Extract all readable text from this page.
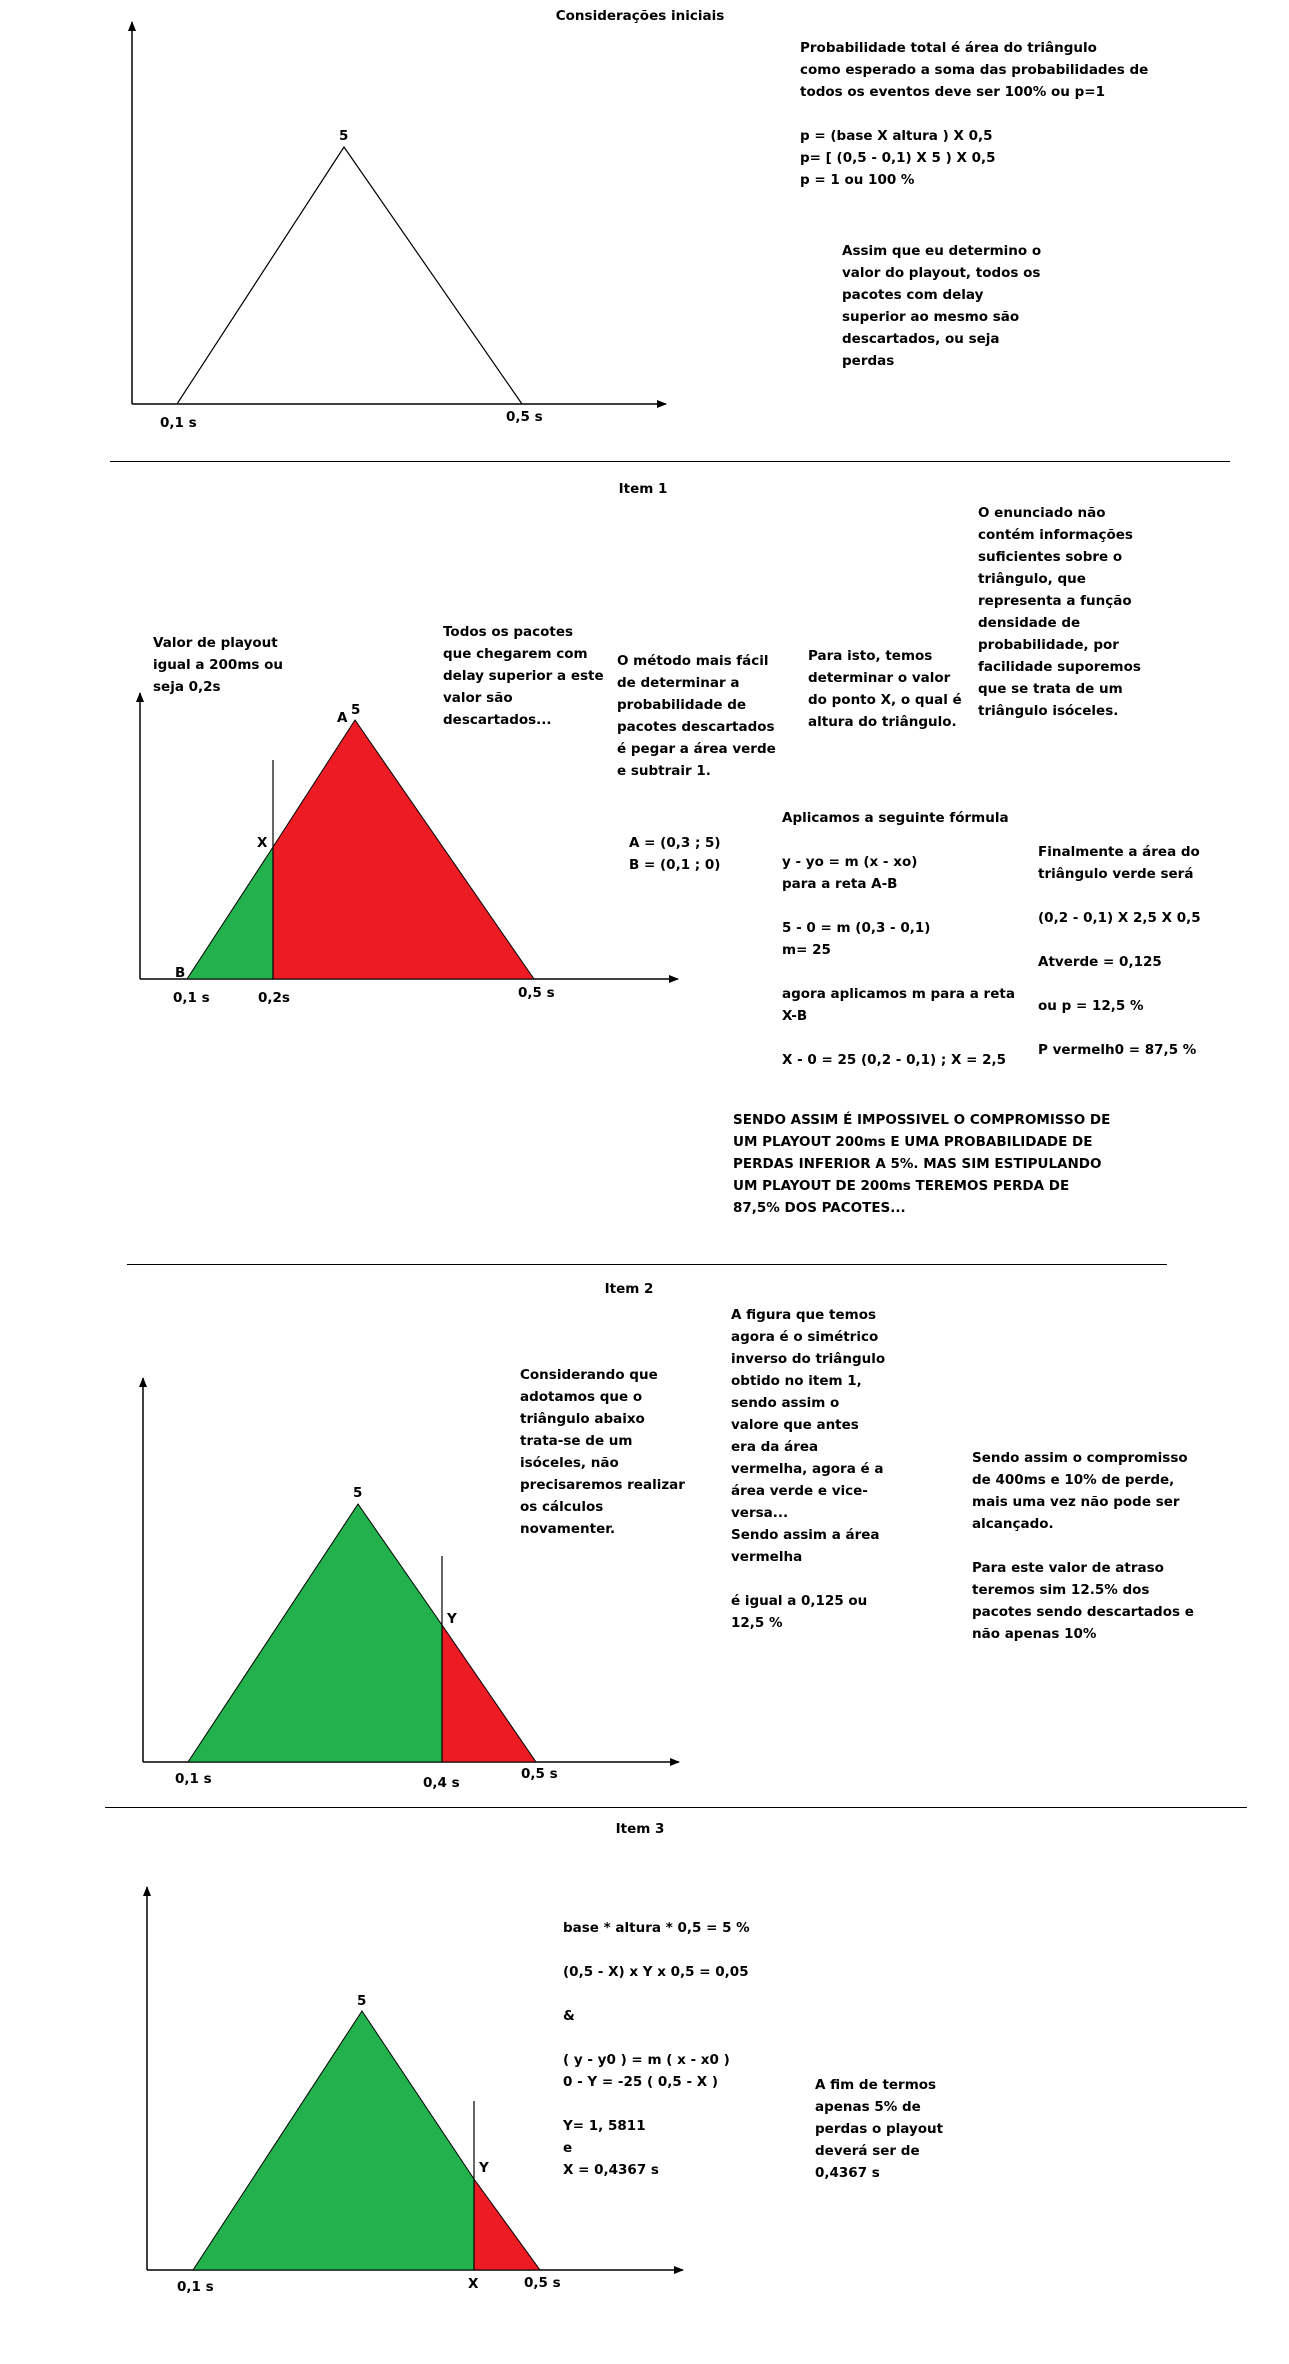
Considerações iniciais
Probabilidade total é área do triângulo
como esperado a soma das probabilidades de
todos os eventos deve ser 100% ou p=1
p = (base X altura ) X 0,5
p= [ (0,5 - 0,1) X 5 ) X 0,5
p = 1 ou 100 %
Assim que eu determino o
valor do playout, todos os
pacotes com delay
superior ao mesmo são
descartados, ou seja
perdas
Item 1
Valor de playout
igual a 200ms ou
seja 0,2s
Todos os pacotes
que chegarem com
delay superior a este
valor são
descartados...
O método mais fácil
de determinar a
probabilidade de
pacotes descartados
é pegar a área verde
e subtrair 1.
Para isto, temos
determinar o valor
do ponto X, o qual é
altura do triângulo.
O enunciado não
contém informações
suficientes sobre o
triângulo, que
representa a função
densidade de
probabilidade, por
facilidade suporemos
que se trata de um
triângulo isóceles.
A = (0,3 ; 5)
B = (0,1 ; 0)
Aplicamos a seguinte fórmula

y - yo = m (x - xo)
para a reta A-B

5 - 0 = m (0,3 - 0,1)
m= 25

agora aplicamos m para a reta
X-B

X - 0 = 25 (0,2 - 0,1) ; X = 2,5
Finalmente a área do
triângulo verde será

(0,2 - 0,1) X 2,5 X 0,5

Atverde = 0,125

ou p = 12,5 %

P vermelh0 = 87,5 %
SENDO ASSIM É IMPOSSIVEL O COMPROMISSO DE
UM PLAYOUT 200ms E UMA PROBABILIDADE DE
PERDAS INFERIOR A 5%. MAS SIM ESTIPULANDO
UM PLAYOUT DE 200ms TEREMOS PERDA DE
87,5% DOS PACOTES...
Item 2
Considerando que
adotamos que o
triângulo abaixo
trata-se de um
isóceles, não
precisaremos realizar
os cálculos
novamenter.
A figura que temos
agora é o simétrico
inverso do triângulo
obtido no item 1,
sendo assim o
valore que antes
era da área
vermelha, agora é a
área verde e vice-
versa...
Sendo assim a área
vermelha

é igual a 0,125 ou
12,5 %
Sendo assim o compromisso
de 400ms e 10% de perde,
mais uma vez não pode ser
alcançado.

Para este valor de atraso
teremos sim 12.5% dos
pacotes sendo descartados e
não apenas 10%
Item 3
base * altura * 0,5 = 5 %

(0,5 - X) x Y x 0,5 = 0,05

&

( y - y0 ) = m ( x - x0 )
0 - Y = -25 ( 0,5 - X )

Y= 1, 5811
e
X = 0,4367 s
A fim de termos
apenas 5% de
perdas o playout
deverá ser de
0,4367 s
5
0,1 s	0,5 s
A 5
X
B
0,1 s	0,2s	0,5 s
5
Y
0,1 s	0,4 s
0,5 s
5
Y
0,1 s	X	0,5 s
